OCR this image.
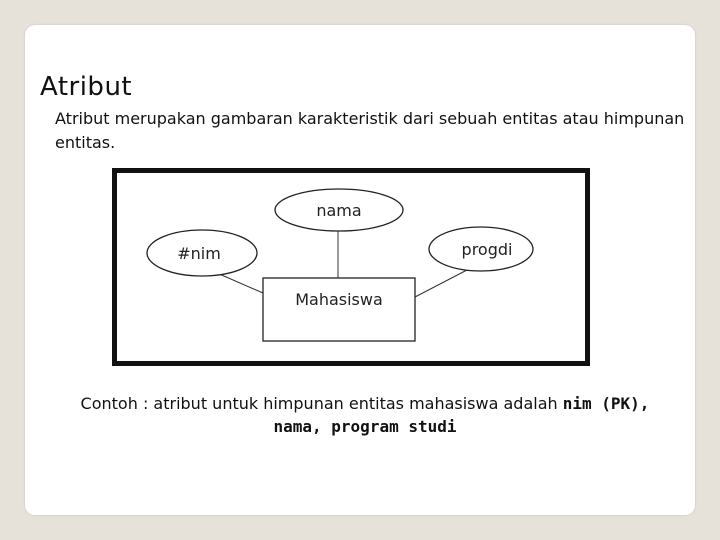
Atribut
Atribut merupakan gambaran karakteristik dari sebuah entitas atau himpunan entitas.
nama
#nim	progdi
Mahasiswa
Contoh : atribut untuk himpunan entitas mahasiswa adalah nim (PK), nama, program studi
